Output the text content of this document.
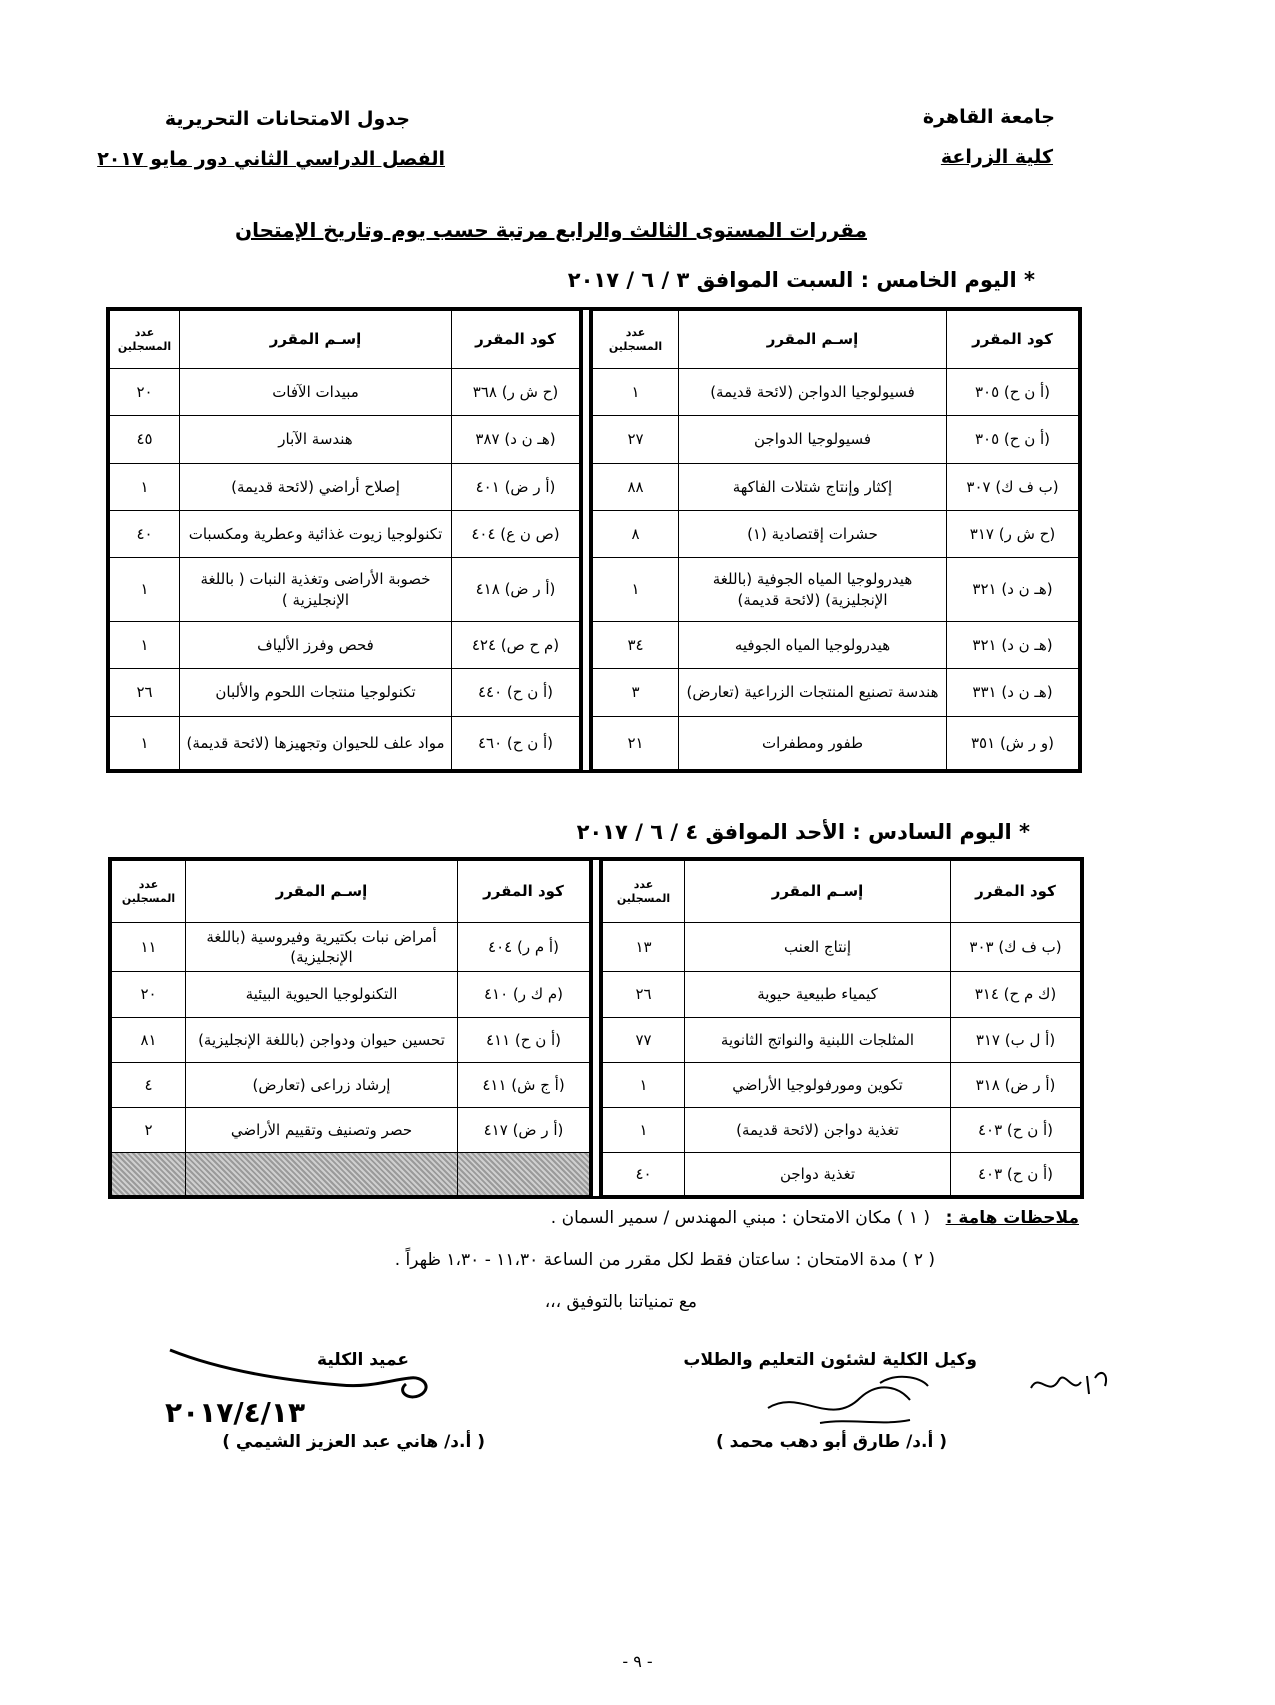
جامعة القاهرة
كلية الزراعة
جدول الامتحانات التحريرية
الفصل الدراسي الثاني دور مايو ٢٠١٧
مقررات المستوى الثالث والرابع مرتبة حسب يوم وتاريخ الإمتحان
* اليوم الخامس : السبت الموافق ٣ / ٦ / ٢٠١٧
كود المقرر	إسـم المقرر	عدد المسجلين
(أ ن ح) ٣٠٥	فسيولوجيا الدواجن (لائحة قديمة)	١
(أ ن ح) ٣٠٥	فسيولوجيا الدواجن	٢٧
(ب ف ك) ٣٠٧	إكثار وإنتاج شتلات الفاكهة	٨٨
(ح ش ر) ٣١٧	حشرات إقتصادية (١)	٨
(هـ ن د) ٣٢١	هيدرولوجيا المياه الجوفية (باللغة الإنجليزية) (لائحة قديمة)	١
(هـ ن د) ٣٢١	هيدرولوجيا المياه الجوفيه	٣٤
(هـ ن د) ٣٣١	هندسة تصنيع المنتجات الزراعية (تعارض)	٣
(و ر ش) ٣٥١	طفور ومطفرات	٢١
كود المقرر	إسـم المقرر	عدد المسجلين
(ح ش ر) ٣٦٨	مبيدات الآفات	٢٠
(هـ ن د) ٣٨٧	هندسة الآبار	٤٥
(أ ر ض) ٤٠١	إصلاح أراضي (لائحة قديمة)	١
(ص ن ع) ٤٠٤	تكنولوجيا زيوت غذائية وعطرية ومكسبات	٤٠
(أ ر ض) ٤١٨	خصوبة الأراضى وتغذية النبات ( باللغة الإنجليزية )	١
(م ح ص) ٤٢٤	فحص وفرز الألياف	١
(أ ن ح) ٤٤٠	تكنولوجيا منتجات اللحوم والألبان	٢٦
(أ ن ح) ٤٦٠	مواد علف للحيوان وتجهيزها (لائحة قديمة)	١
* اليوم السادس : الأحد الموافق ٤ / ٦ / ٢٠١٧
كود المقرر	إسـم المقرر	عدد المسجلين
(ب ف ك) ٣٠٣	إنتاج العنب	١٣
(ك م ح) ٣١٤	كيمياء طبيعية حيوية	٢٦
(أ ل ب) ٣١٧	المثلجات اللبنية والنواتج الثانوية	٧٧
(أ ر ض) ٣١٨	تكوين ومورفولوجيا الأراضي	١
(أ ن ح) ٤٠٣	تغذية دواجن (لائحة قديمة)	١
(أ ن ح) ٤٠٣	تغذية دواجن	٤٠
كود المقرر	إسـم المقرر	عدد المسجلين
(أ م ر) ٤٠٤	أمراض نبات بكتيرية وفيروسية (باللغة الإنجليزية)	١١
(م ك ر) ٤١٠	التكنولوجيا الحيوية البيئية	٢٠
(أ ن ح) ٤١١	تحسين حيوان ودواجن (باللغة الإنجليزية)	٨١
(أ ج ش) ٤١١	إرشاد زراعى (تعارض)	٤
(أ ر ض) ٤١٧	حصر وتصنيف وتقييم الأراضي	٢

ملاحظات هامة :
( ١ ) مكان الامتحان : مبني المهندس / سمير السمان .
( ٢ ) مدة الامتحان : ساعتان فقط لكل مقرر من الساعة ١١،٣٠ - ١،٣٠ ظهراً .
مع تمنياتنا بالتوفيق ،،،
وكيل الكلية لشئون التعليم والطلاب
( أ.د/ طارق أبو دهب محمد )
عميد الكلية
( أ.د/ هاني عبد العزيز الشيمي )
٢٠١٧/٤/١٣
- ٩ -
